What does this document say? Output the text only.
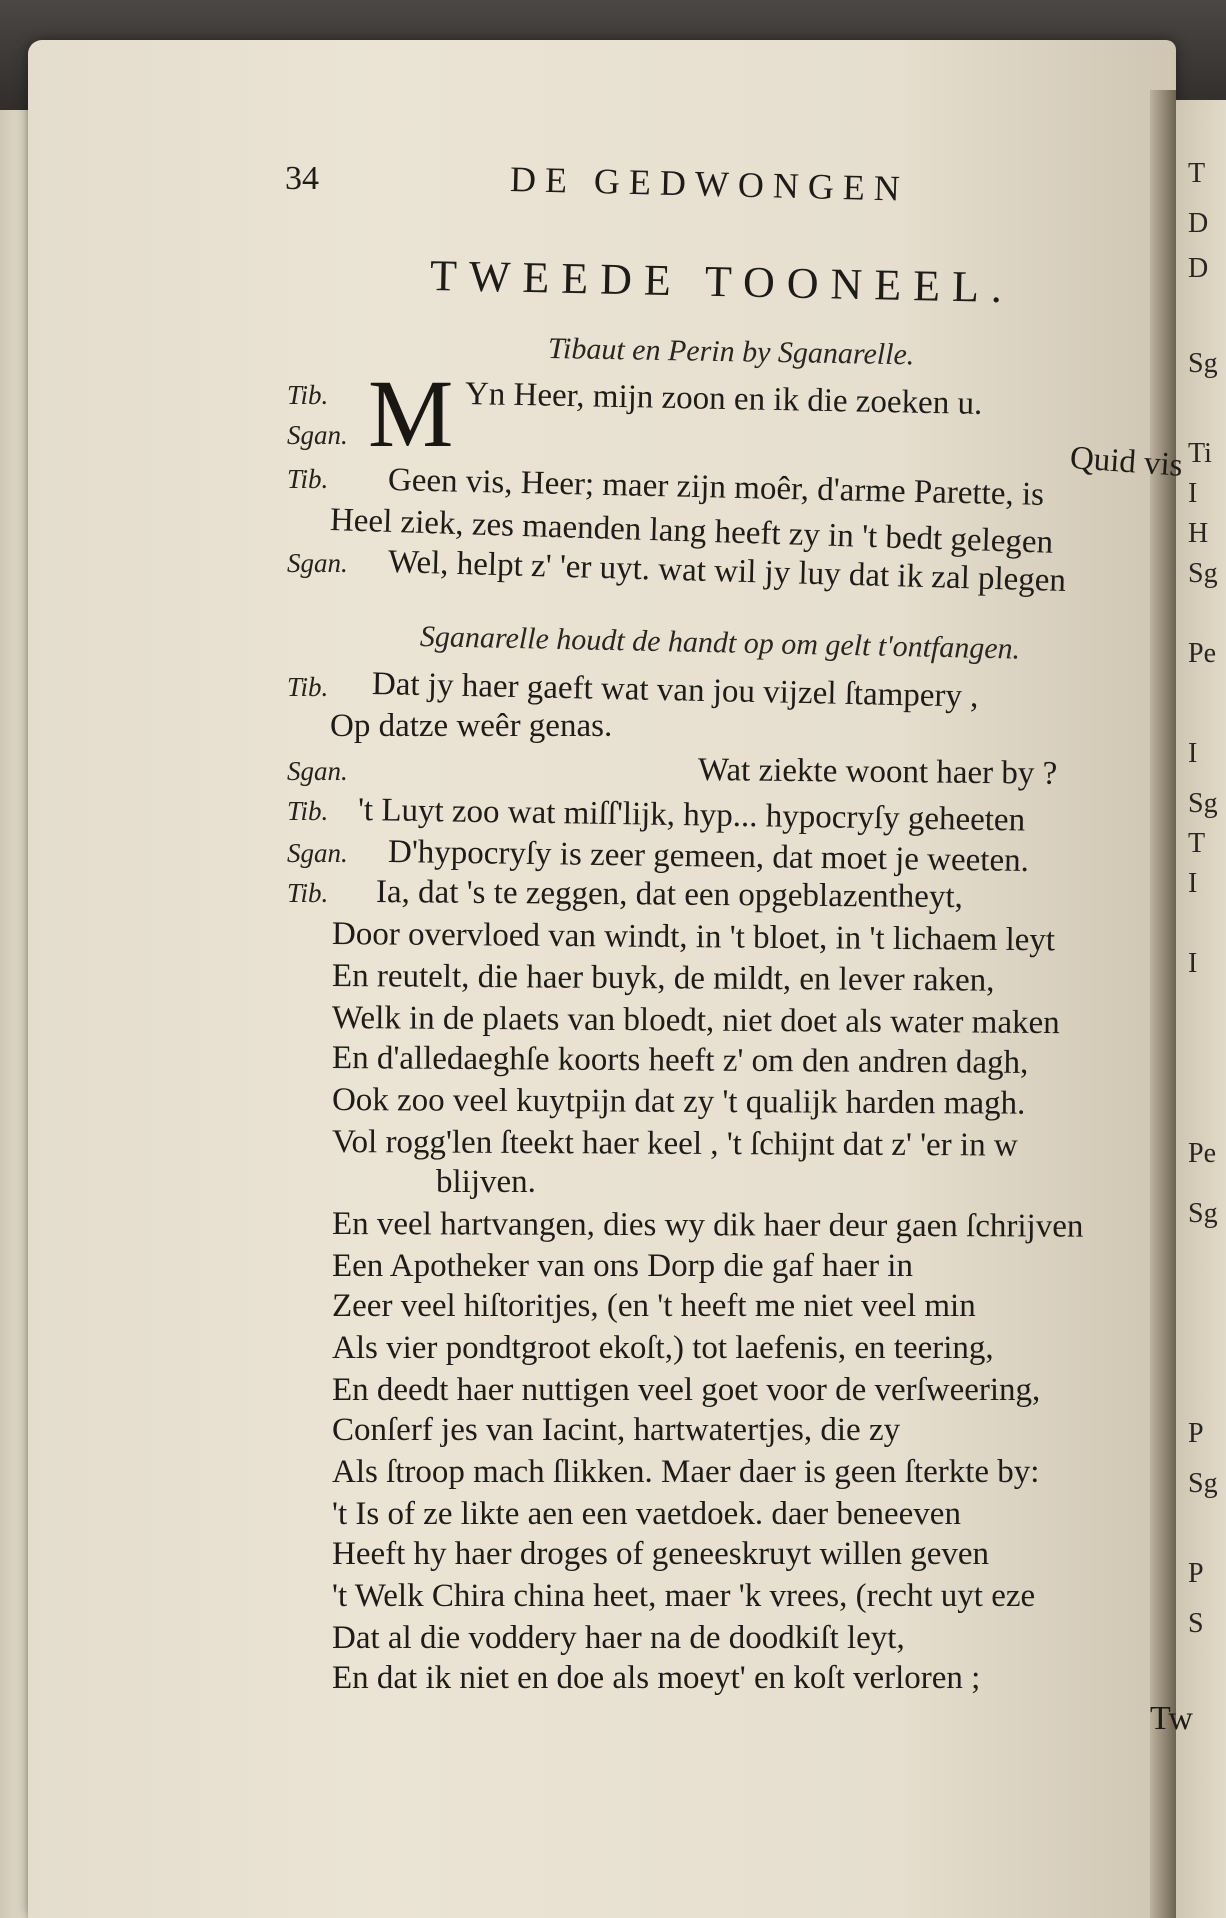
T
D
D
Sg
Ti
I
H
Sg
Pe
I
Sg
T
I
I
Pe
Sg
P
Sg
P
S
34	DE GEDWONGEN
TWEEDE TOONEEL.
Tibaut en Perin by Sganarelle.
Sganarelle houdt de handt op om gelt t'ontfangen.
M
Tib.
Sgan.
Tib.
Sgan.
Tib.
Sgan.
Tib.
Sgan.
Tib.
Yn Heer, mijn zoon en ik die zoeken u.
Quid vis
Geen vis, Heer; maer zijn moêr, d'arme Parette, is
Heel ziek, zes maenden lang heeft zy in 't bedt gelegen
Wel, helpt z' 'er uyt. wat wil jy luy dat ik zal plegen
Dat jy haer gaeft wat van jou vijzel ſtampery ,
Op datze weêr genas.
Wat ziekte woont haer by ?
't Luyt zoo wat miſſ'lijk, hyp... hypocryſy geheeten
D'hypocryſy is zeer gemeen, dat moet je weeten.
Ia, dat 's te zeggen, dat een opgeblazentheyt,
Door overvloed van windt, in 't bloet, in 't lichaem leyt
En reutelt, die haer buyk, de mildt, en lever raken,
Welk in de plaets van bloedt, niet doet als water maken
En d'alledaeghſe koorts heeft z' om den andren dagh,
Ook zoo veel kuytpijn dat zy 't qualijk harden magh.
Vol rogg'len ſteekt haer keel , 't ſchijnt dat z' 'er in w
blijven.
En veel hartvangen, dies wy dik haer deur gaen ſchrijven
Een Apotheker van ons Dorp die gaf haer in
Zeer veel hiſtoritjes, (en 't heeft me niet veel min
Als vier pondtgroot ekoſt,) tot laefenis, en teering,
En deedt haer nuttigen veel goet voor de verſweering,
Conſerf jes van Iacint, hartwatertjes, die zy
Als ſtroop mach ſlikken. Maer daer is geen ſterkte by:
't Is of ze likte aen een vaetdoek. daer beneeven
Heeft hy haer droges of geneeskruyt willen geven
't Welk Chira china heet, maer 'k vrees, (recht uyt eze
Dat al die voddery haer na de doodkiſt leyt,
En dat ik niet en doe als moeyt' en koſt verloren ;
Tw
